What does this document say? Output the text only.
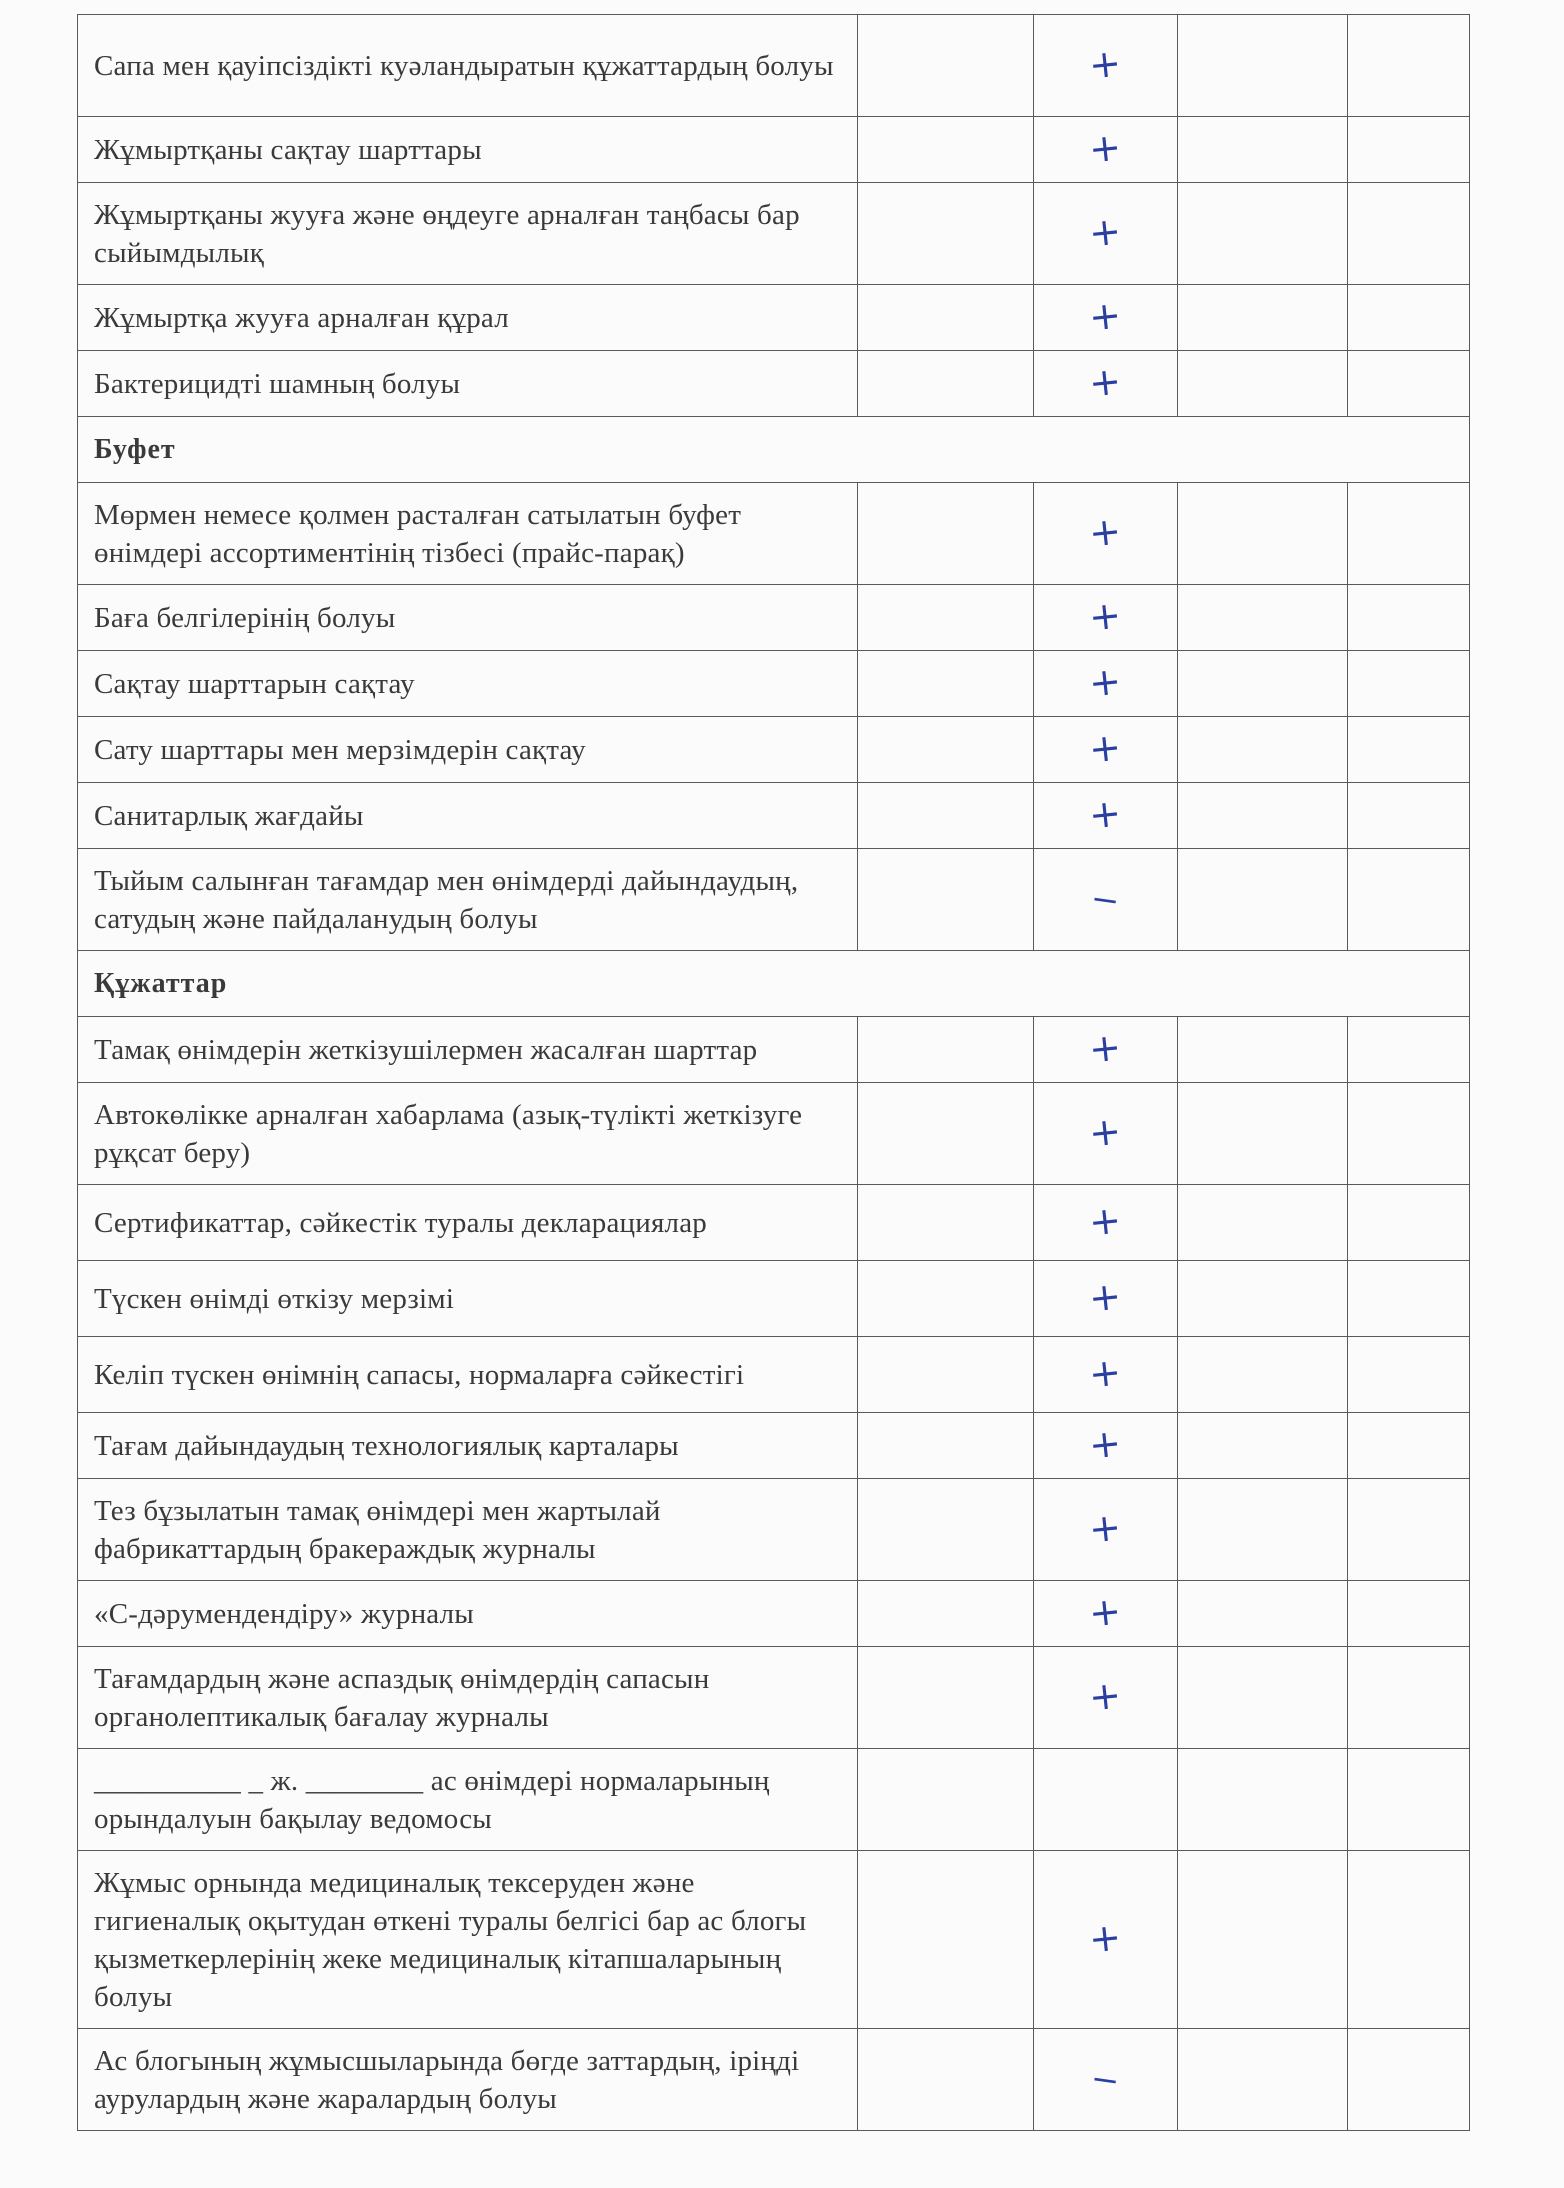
Сапа мен қауіпсіздікті куәландыратын құжаттардың болуы		+		
Жұмыртқаны сақтау шарттары		+		
Жұмыртқаны жууға және өңдеуге арналған таңбасы бар сыйымдылық		+		
Жұмыртқа жууға арналған құрал		+		
Бактерицидті шамның болуы		+		
Буфет				
Мөрмен немесе қолмен расталған сатылатын буфет өнімдері ассортиментінің тізбесі (прайс-парақ)		+		
Баға белгілерінің болуы		+		
Сақтау шарттарын сақтау		+		
Сату шарттары мен мерзімдерін сақтау		+		
Санитарлық жағдайы		+		
Тыйым салынған тағамдар мен өнімдерді дайындаудың, сатудың және пайдаланудың болуы		–		
Құжаттар				
Тамақ өнімдерін жеткізушілермен жасалған шарттар		+		
Автокөлікке арналған хабарлама (азық-түлікті жеткізуге рұқсат беру)		+		
Сертификаттар, сәйкестік туралы декларациялар		+		
Түскен өнімді өткізу мерзімі		+		
Келіп түскен өнімнің сапасы, нормаларға сәйкестігі		+		
Тағам дайындаудың технологиялық карталары		+		
Тез бұзылатын тамақ өнімдері мен жартылай фабрикаттардың бракераждық журналы		+		
«С-дәрумендендіру» журналы		+		
Тағамдардың және аспаздық өнімдердің сапасын органолептикалық бағалау журналы		+		
__________ _ ж. ________ ас өнімдері нормаларының орындалуын бақылау ведомосы				
Жұмыс орнында медициналық тексеруден және гигиеналық оқытудан өткені туралы белгісі бар ас блогы қызметкерлерінің жеке медициналық кітапшаларының болуы		+		
Ас блогының жұмысшыларында бөгде заттардың, іріңді аурулардың және жаралардың болуы		–		
